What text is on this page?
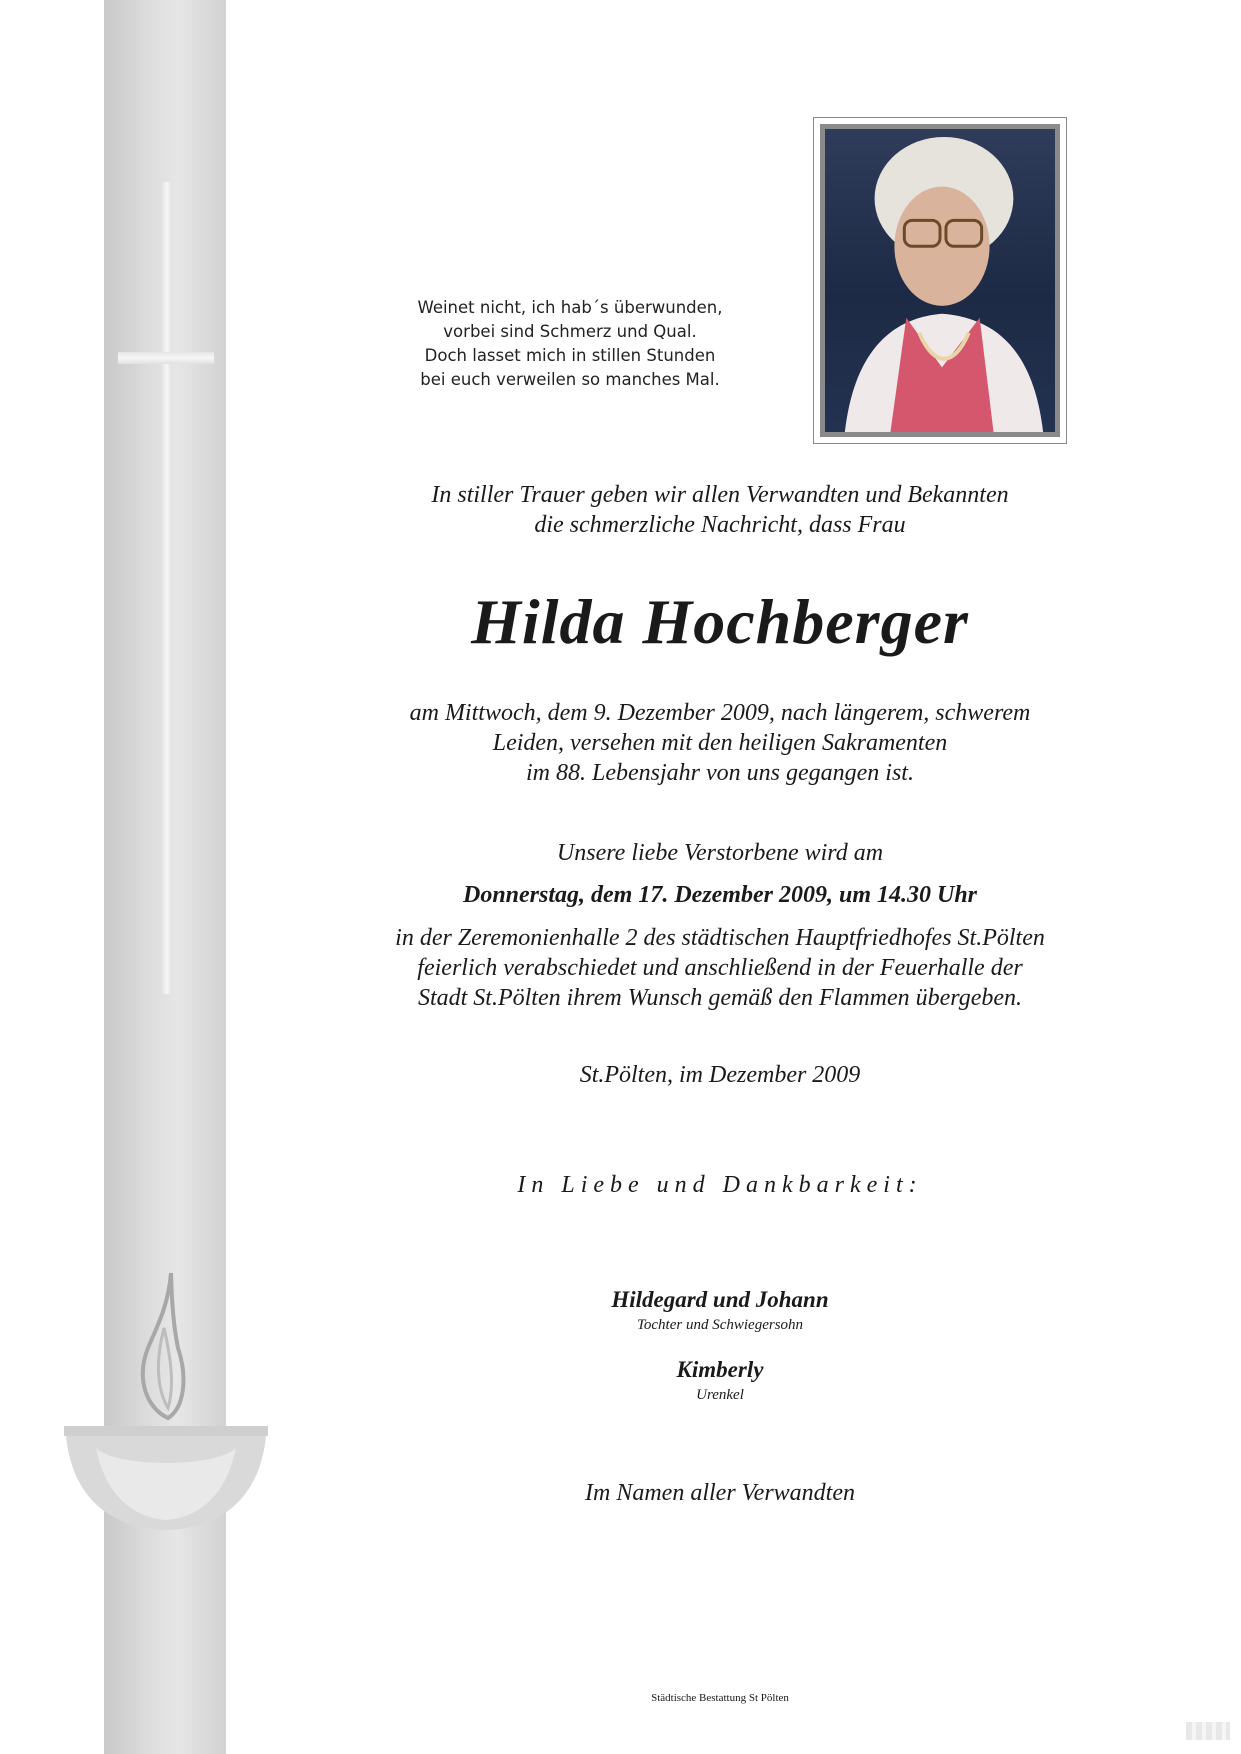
Weinet nicht, ich hab´s überwunden,
vorbei sind Schmerz und Qual.
Doch lasset mich in stillen Stunden
bei euch verweilen so manches Mal.
In stiller Trauer geben wir allen Verwandten und Bekannten
die schmerzliche Nachricht, dass Frau
Hilda Hochberger
am Mittwoch, dem 9. Dezember 2009, nach längerem, schwerem
Leiden, versehen mit den heiligen Sakramenten
im 88. Lebensjahr von uns gegangen ist.
Unsere liebe Verstorbene wird am
Donnerstag, dem 17. Dezember 2009, um 14.30 Uhr
in der Zeremonienhalle 2 des städtischen Hauptfriedhofes St.Pölten
feierlich verabschiedet und anschließend in der Feuerhalle der
Stadt St.Pölten ihrem Wunsch gemäß den Flammen übergeben.
St.Pölten, im Dezember 2009
In Liebe und Dankbarkeit:
Hildegard und Johann
Tochter und Schwiegersohn
Kimberly
Urenkel
Im Namen aller Verwandten
Städtische Bestattung St Pölten
